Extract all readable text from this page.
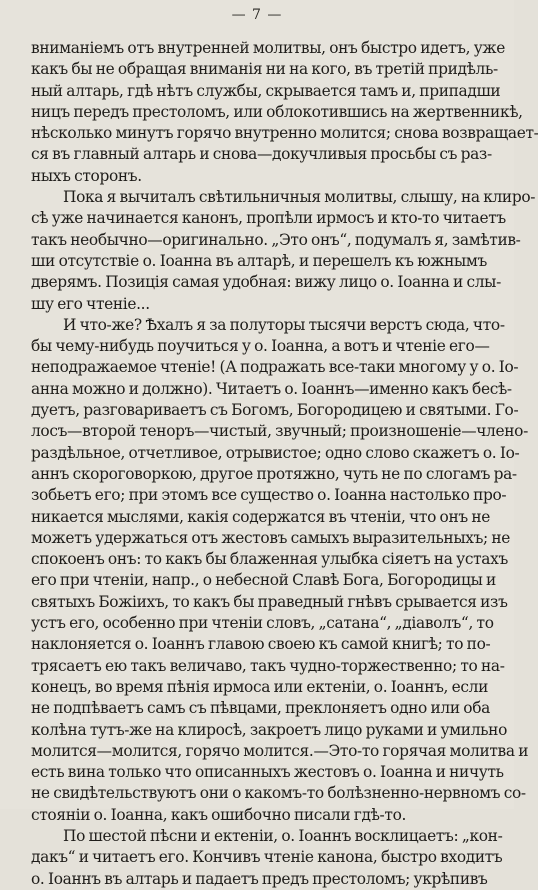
— 7 —
вниманіемъ отъ внутренней молитвы, онъ быстро идетъ, уже
какъ бы не обращая вниманія ни на кого, въ третій придѣль-
ный алтарь, гдѣ нѣтъ службы, скрывается тамъ и, припадши
ницъ передъ престоломъ, или облокотившись на жертвенникѣ,
нѣсколько минутъ горячо внутренно молится; снова возвращает-
ся въ главный алтарь и снова—докучливыя просьбы съ раз-
ныхъ сторонъ.
Пока я вычиталъ свѣтильничныя молитвы, слышу, на клиро-
сѣ уже начинается канонъ, пропѣли ирмосъ и кто-то читаетъ
такъ необычно—оригинально. „Это онъ“, подумалъ я, замѣтив-
ши отсутствіе о. Іоанна въ алтарѣ, и перешелъ къ южнымъ
дверямъ. Позиція самая удобная: вижу лицо о. Іоанна и слы-
шу его чтеніе...
И что-же? Ѣхалъ я за полуторы тысячи верстъ сюда, что-
бы чему-нибудь поучиться у о. Іоанна, а вотъ и чтеніе его—
неподражаемое чтеніе! (А подражать все-таки многому у о. Іо-
анна можно и должно). Читаетъ о. Іоаннъ—именно какъ бесѣ-
дуетъ, разговариваетъ съ Богомъ, Богородицею и святыми. Го-
лосъ—второй теноръ—чистый, звучный; произношеніе—члено-
раздѣльное, отчетливое, отрывистое; одно слово скажетъ о. Іо-
аннъ скороговоркою, другое протяжно, чуть не по слогамъ ра-
зобьетъ его; при этомъ все существо о. Іоанна настолько про-
никается мыслями, какія содержатся въ чтеніи, что онъ не
можетъ удержаться отъ жестовъ самыхъ выразительныхъ; не
спокоенъ онъ: то какъ бы блаженная улыбка сіяетъ на устахъ
его при чтеніи, напр., о небесной Славѣ Бога, Богородицы и
святыхъ Божіихъ, то какъ бы праведный гнѣвъ срывается изъ
устъ его, особенно при чтеніи словъ, „сатана“, „діаволъ“, то
наклоняется о. Іоаннъ главою своею къ самой книгѣ; то по-
трясаетъ ею такъ величаво, такъ чудно-торжественно; то на-
конецъ, во время пѣнія ирмоса или ектеніи, о. Іоаннъ, если
не подпѣваетъ самъ съ пѣвцами, преклоняетъ одно или оба
колѣна тутъ-же на клиросѣ, закроетъ лицо руками и умильно
молится—молится, горячо молится.—Это-то горячая молитва и
есть вина только что описанныхъ жестовъ о. Іоанна и ничуть
не свидѣтельствуютъ они о какомъ-то болѣзненно-нервномъ со-
стояніи о. Іоанна, какъ ошибочно писали гдѣ-то.
По шестой пѣсни и ектеніи, о. Іоаннъ восклицаетъ: „кон-
дакъ“ и читаетъ его. Кончивъ чтеніе канона, быстро входитъ
о. Іоаннъ въ алтарь и падаетъ предъ престоломъ; укрѣпивъ
